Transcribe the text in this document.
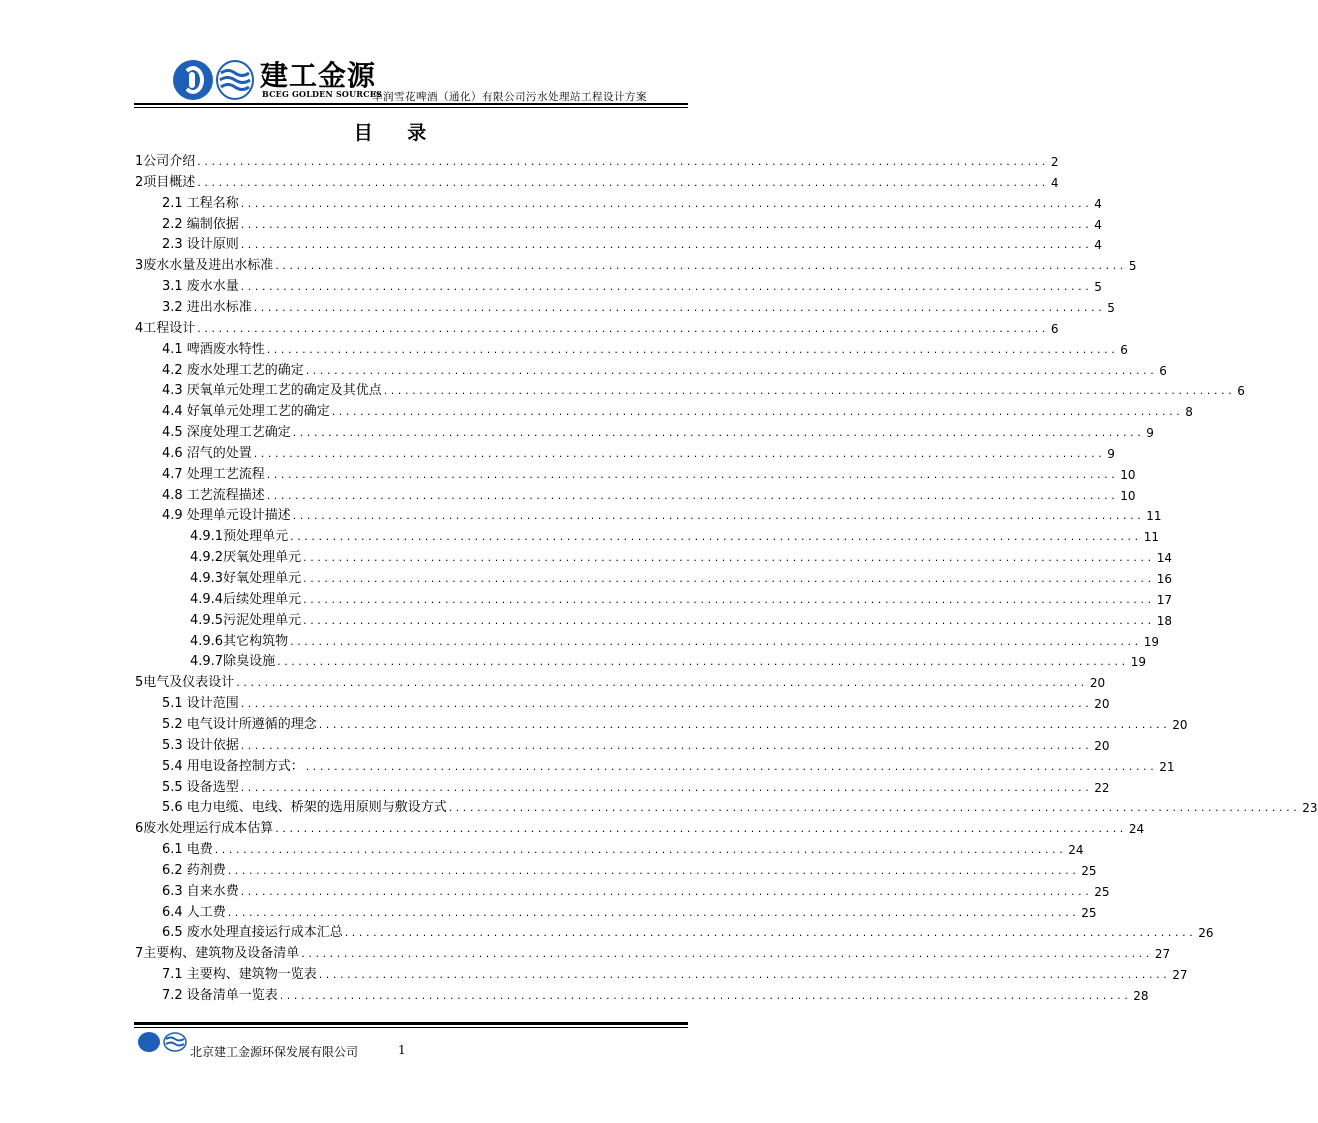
建工金源
BCEG GOLDEN SOURCES
华润雪花啤酒（通化）有限公司污水处理站工程设计方案
目 录
1 公司介绍 ........................................................................................................................ 2
2 项目概述 ........................................................................................................................ 4
2.1 工程名称 ........................................................................................................................ 4
2.2 编制依据 ........................................................................................................................ 4
2.3 设计原则 ........................................................................................................................ 4
3 废水水量及进出水标准 ........................................................................................................................ 5
3.1 废水水量 ........................................................................................................................ 5
3.2 进出水标准 ........................................................................................................................ 5
4 工程设计 ........................................................................................................................ 6
4.1 啤酒废水特性 ........................................................................................................................ 6
4.2 废水处理工艺的确定 ........................................................................................................................ 6
4.3 厌氧单元处理工艺的确定及其优点 ........................................................................................................................ 6
4.4 好氧单元处理工艺的确定 ........................................................................................................................ 8
4.5 深度处理工艺确定 ........................................................................................................................ 9
4.6 沼气的处置 ........................................................................................................................ 9
4.7 处理工艺流程 ........................................................................................................................ 10
4.8 工艺流程描述 ........................................................................................................................ 10
4.9 处理单元设计描述 ........................................................................................................................ 11
4.9.1 预处理单元 ........................................................................................................................ 11
4.9.2 厌氧处理单元 ........................................................................................................................ 14
4.9.3 好氧处理单元 ........................................................................................................................ 16
4.9.4 后续处理单元 ........................................................................................................................ 17
4.9.5 污泥处理单元 ........................................................................................................................ 18
4.9.6 其它构筑物 ........................................................................................................................ 19
4.9.7 除臭设施 ........................................................................................................................ 19
5 电气及仪表设计 ........................................................................................................................ 20
5.1 设计范围 ........................................................................................................................ 20
5.2 电气设计所遵循的理念 ........................................................................................................................ 20
5.3 设计依据 ........................................................................................................................ 20
5.4 用电设备控制方式： ........................................................................................................................ 21
5.5 设备选型 ........................................................................................................................ 22
5.6 电力电缆、电线、桥架的选用原则与敷设方式 ........................................................................................................................ 23
6 废水处理运行成本估算 ........................................................................................................................ 24
6.1 电费 ........................................................................................................................ 24
6.2 药剂费 ........................................................................................................................ 25
6.3 自来水费 ........................................................................................................................ 25
6.4 人工费 ........................................................................................................................ 25
6.5 废水处理直接运行成本汇总 ........................................................................................................................ 26
7 主要构、建筑物及设备清单 ........................................................................................................................ 27
7.1 主要构、建筑物一览表 ........................................................................................................................ 27
7.2 设备清单一览表 ........................................................................................................................ 28
北京建工金源环保发展有限公司	1
